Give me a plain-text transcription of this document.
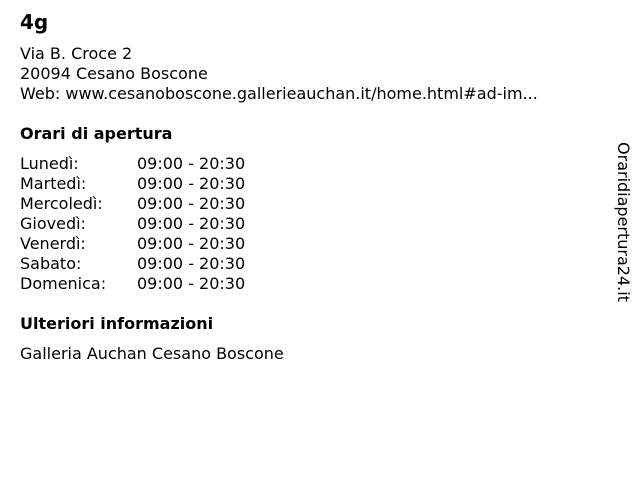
4g
Via B. Croce 2
20094 Cesano Boscone
Web: www.cesanoboscone.gallerieauchan.it/home.html#ad-im...
Orari di apertura
Lunedì:	09:00 - 20:30
Martedì:	09:00 - 20:30
Mercoledì:	09:00 - 20:30
Giovedì:	09:00 - 20:30
Venerdì:	09:00 - 20:30
Sabato:	09:00 - 20:30
Domenica:	09:00 - 20:30
Ulteriori informazioni
Galleria Auchan Cesano Boscone
Oraridiapertura24.it
